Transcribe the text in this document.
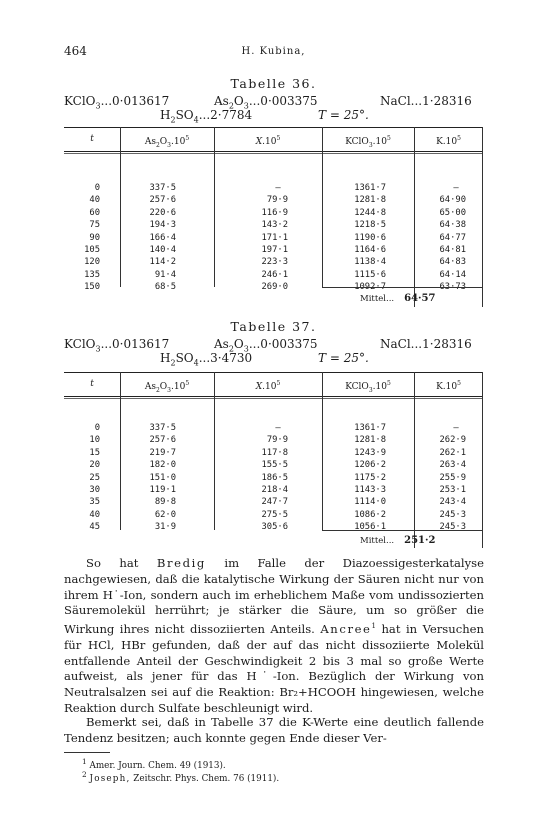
464	H. Kubina,
Tabelle 36.
KClO$_3$...0·013617	$As_2O_3...0\cdot 003375$	NaCl...1·28316
$H_2SO_4...2\cdot 7784$	T = 25°.
t	$As_2O_3.10^5$	$X.10^5$	$KClO_3.10^5$	$K.10^5$
0	337·5	—	1361·7	—
40	257·6	79·9	1281·8	64·90
60	220·6	116·9	1244·8	65·00
75	194·3	143·2	1218·5	64·38
90	166·4	171·1	1190·6	64·77
105	140·4	197·1	1164·6	64·81
120	114·2	223·3	1138·4	64·83
135	91·4	246·1	1115·6	64·14
150	68·5	269·0	1092·7	63·73
Mittel... 64·57
Tabelle 37.
KClO$_3$...0·013617	$As_2O_3...0\cdot 003375$	NaCl...1·28316
$H_2SO_4...3\cdot 4730$	T = 25°.
t	$As_2O_3.10^5$	$X.10^5$	$KClO_3.10^5$	$K.10^5$
0	337·5	—	1361·7	—
10	257·6	79·9	1281·8	262·9
15	219·7	117·8	1243·9	262·1
20	182·0	155·5	1206·2	263·4
25	151·0	186·5	1175·2	255·9
30	119·1	218·4	1143·3	253·1
35	89·8	247·7	1114·0	243·4
40	62·0	275·5	1086·2	245·3
45	31·9	305·6	1056·1	245·3
Mittel... 251·2
So hat Bredig im Falle der Diazoessigesterkatalyse nachgewiesen, daß die katalytische Wirkung der Säuren nicht nur von ihrem H˙-Ion, sondern auch im erheblichem Maße vom undissozierten Säuremolekül herrührt; je stärker die Säure, um so größer die Wirkung ihres nicht dissoziierten Anteils. Ancree$^1$ hat in Versuchen für HCl, HBr gefunden, daß der auf das nicht dissoziierte Molekül entfallende Anteil der Geschwindigkeit 2 bis 3 mal so große Werte aufweist, als jener für das H˙-Ion. Bezüglich der Wirkung von Neutralsalzen sei auf die Reaktion: Br₂+HCOOH hingewiesen, welche Reaktion durch Sulfate beschleunigt wird.
Bemerkt sei, daß in Tabelle 37 die K-Werte eine deutlich fallende Tendenz besitzen; auch konnte gegen Ende dieser Ver-
$^1$ Amer. Journ. Chem. 49 (1913).
$^2$ Joseph, Zeitschr. Phys. Chem. 76 (1911).
